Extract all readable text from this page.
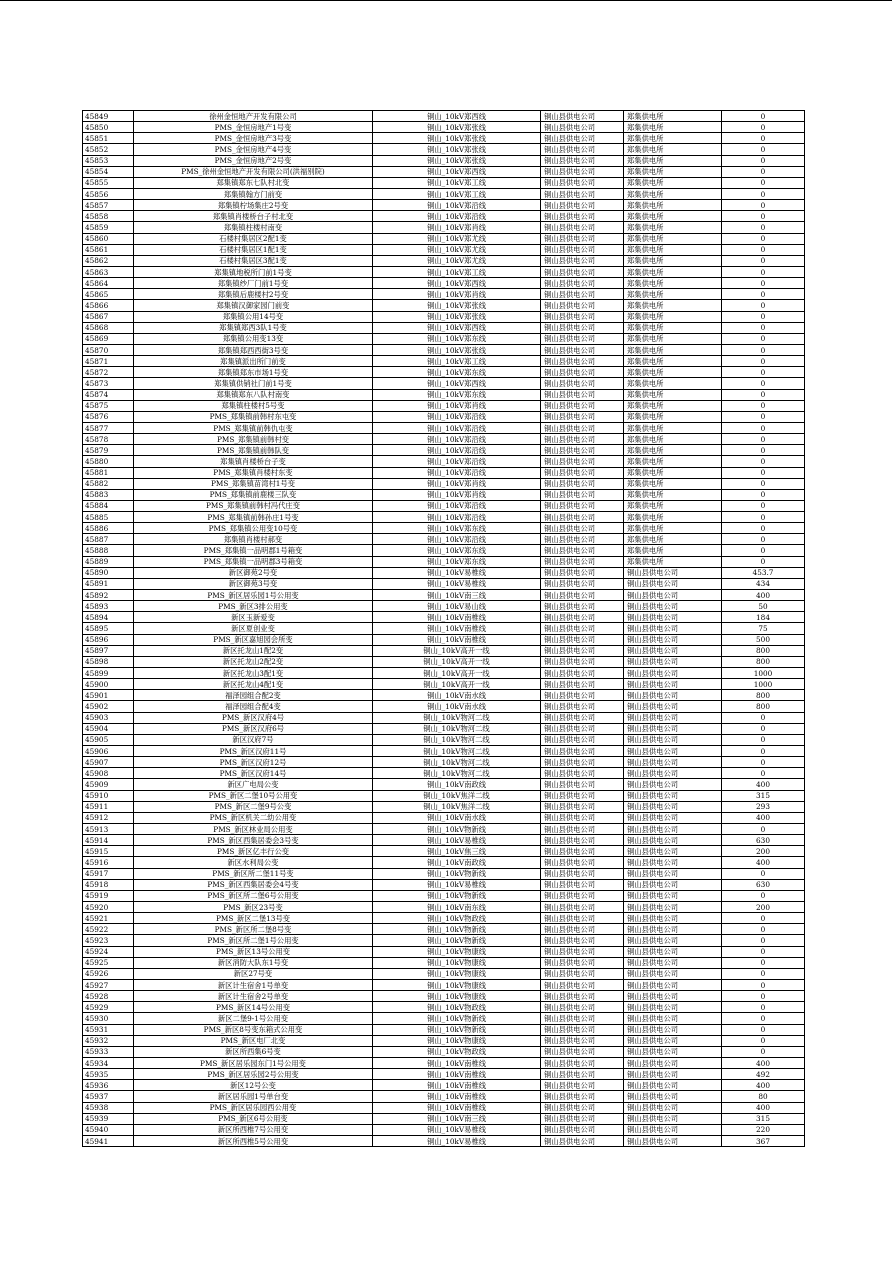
45849	徐州金恒地产开发有限公司	铜山_10kV郑西线	铜山县供电公司	郑集供电所	0
45850	PMS_金恒房地产1号变	铜山_10kV郑张线	铜山县供电公司	郑集供电所	0
45851	PMS_金恒房地产3号变	铜山_10kV郑张线	铜山县供电公司	郑集供电所	0
45852	PMS_金恒房地产4号变	铜山_10kV郑张线	铜山县供电公司	郑集供电所	0
45853	PMS_金恒房地产2号变	铜山_10kV郑张线	铜山县供电公司	郑集供电所	0
45854	PMS_徐州金恒地产开发有限公司(洪福别院)	铜山_10kV郑西线	铜山县供电公司	郑集供电所	0
45855	郑集镇郑东七队村北变	铜山_10kV郑工线	铜山县供电公司	郑集供电所	0
45856	郑集镇翰方门前变	铜山_10kV郑工线	铜山县供电公司	郑集供电所	0
45857	郑集镇柠场集庄2号变	铜山_10kV郑沿线	铜山县供电公司	郑集供电所	0
45858	郑集镇肖楼桥台子村北变	铜山_10kV郑沿线	铜山县供电公司	郑集供电所	0
45859	郑集镇柱楼村南变	铜山_10kV郑肖线	铜山县供电公司	郑集供电所	0
45860	石楼村集居区2配1变	铜山_10kV郑尤线	铜山县供电公司	郑集供电所	0
45861	石楼村集居区1配1变	铜山_10kV郑尤线	铜山县供电公司	郑集供电所	0
45862	石楼村集居区3配1变	铜山_10kV郑尤线	铜山县供电公司	郑集供电所	0
45863	郑集镇地税所门前1号变	铜山_10kV郑工线	铜山县供电公司	郑集供电所	0
45864	郑集镇纱厂门前1号变	铜山_10kV郑西线	铜山县供电公司	郑集供电所	0
45865	郑集镇后鹿楼村2号变	铜山_10kV郑肖线	铜山县供电公司	郑集供电所	0
45866	郑集镇汉御家园门前变	铜山_10kV郑张线	铜山县供电公司	郑集供电所	0
45867	郑集镇公用14号变	铜山_10kV郑张线	铜山县供电公司	郑集供电所	0
45868	郑集镇郑西3队1号变	铜山_10kV郑西线	铜山县供电公司	郑集供电所	0
45869	郑集镇公用变13变	铜山_10kV郑东线	铜山县供电公司	郑集供电所	0
45870	郑集镇郑西西街3号变	铜山_10kV郑张线	铜山县供电公司	郑集供电所	0
45871	郑集镇派出所门前变	铜山_10kV郑工线	铜山县供电公司	郑集供电所	0
45872	郑集镇郑东市场1号变	铜山_10kV郑东线	铜山县供电公司	郑集供电所	0
45873	郑集镇供销社门前1号变	铜山_10kV郑西线	铜山县供电公司	郑集供电所	0
45874	郑集镇郑东八队村南变	铜山_10kV郑东线	铜山县供电公司	郑集供电所	0
45875	郑集镇柱楼村5号变	铜山_10kV郑肖线	铜山县供电公司	郑集供电所	0
45876	PMS_郑集镇前韩村东屯变	铜山_10kV郑沿线	铜山县供电公司	郑集供电所	0
45877	PMS_郑集镇前韩仇屯变	铜山_10kV郑沿线	铜山县供电公司	郑集供电所	0
45878	PMS_郑集镇前韩村变	铜山_10kV郑沿线	铜山县供电公司	郑集供电所	0
45879	PMS_郑集镇前韩队变	铜山_10kV郑沿线	铜山县供电公司	郑集供电所	0
45880	郑集镇肖楼桥台子变	铜山_10kV郑沿线	铜山县供电公司	郑集供电所	0
45881	PMS_郑集镇肖楼村东变	铜山_10kV郑沿线	铜山县供电公司	郑集供电所	0
45882	PMS_郑集镇苗湾村1号变	铜山_10kV郑肖线	铜山县供电公司	郑集供电所	0
45883	PMS_郑集镇前鹿楼三队变	铜山_10kV郑肖线	铜山县供电公司	郑集供电所	0
45884	PMS_郑集镇前韩村冯代庄变	铜山_10kV郑沿线	铜山县供电公司	郑集供电所	0
45885	PMS_郑集镇前韩孙庄1号变	铜山_10kV郑沿线	铜山县供电公司	郑集供电所	0
45886	PMS_郑集镇公用变10号变	铜山_10kV郑东线	铜山县供电公司	郑集供电所	0
45887	郑集镇肖楼村郝变	铜山_10kV郑沿线	铜山县供电公司	郑集供电所	0
45888	PMS_郑集镇一品明郡1号箱变	铜山_10kV郑东线	铜山县供电公司	郑集供电所	0
45889	PMS_郑集镇一品明郡3号箱变	铜山_10kV郑东线	铜山县供电公司	郑集供电所	0
45890	新区御苑2号变	铜山_10kV易椎线	铜山县供电公司	铜山县供电公司	453.7
45891	新区御苑3号变	铜山_10kV易椎线	铜山县供电公司	铜山县供电公司	434
45892	PMS_新区居乐园1号公用变	铜山_10kV南三线	铜山县供电公司	铜山县供电公司	400
45893	PMS_新区3排公用变	铜山_10kV易山线	铜山县供电公司	铜山县供电公司	50
45894	新区玉新爱变	铜山_10kV南椎线	铜山县供电公司	铜山县供电公司	184
45895	新区夏创业变	铜山_10kV南椎线	铜山县供电公司	铜山县供电公司	75
45896	PMS_新区嘉旭园会所变	铜山_10kV南椎线	铜山县供电公司	铜山县供电公司	500
45897	新区托龙山1配2变	铜山_10kV高开一线	铜山县供电公司	铜山县供电公司	800
45898	新区托龙山2配2变	铜山_10kV高开一线	铜山县供电公司	铜山县供电公司	800
45899	新区托龙山3配1变	铜山_10kV高开一线	铜山县供电公司	铜山县供电公司	1000
45900	新区托龙山4配1变	铜山_10kV高开一线	铜山县供电公司	铜山县供电公司	1000
45901	福泽园组合配2变	铜山_10kV南水线	铜山县供电公司	铜山县供电公司	800
45902	福泽园组合配4变	铜山_10kV南水线	铜山县供电公司	铜山县供电公司	800
45903	PMS_新区汉府4号	铜山_10kV物河二线	铜山县供电公司	铜山县供电公司	0
45904	PMS_新区汉府6号	铜山_10kV物河二线	铜山县供电公司	铜山县供电公司	0
45905	新区汉府7号	铜山_10kV物河二线	铜山县供电公司	铜山县供电公司	0
45906	PMS_新区汉府11号	铜山_10kV物河二线	铜山县供电公司	铜山县供电公司	0
45907	PMS_新区汉府12号	铜山_10kV物河二线	铜山县供电公司	铜山县供电公司	0
45908	PMS_新区汉府14号	铜山_10kV物河二线	铜山县供电公司	铜山县供电公司	0
45909	新区广电局公变	铜山_10kV南政线	铜山县供电公司	铜山县供电公司	400
45910	PMS_新区二堡10号公用变	铜山_10kV焦洋二线	铜山县供电公司	铜山县供电公司	315
45911	PMS_新区二堡9号公变	铜山_10kV焦洋二线	铜山县供电公司	铜山县供电公司	293
45912	PMS_新区机关二幼公用变	铜山_10kV南水线	铜山县供电公司	铜山县供电公司	400
45913	PMS_新区林业局公用变	铜山_10kV物新线	铜山县供电公司	铜山县供电公司	0
45914	PMS_新区西集居委会3号变	铜山_10kV易椎线	铜山县供电公司	铜山县供电公司	630
45915	PMS_新区亿丰行公变	铜山_10kV焦三线	铜山县供电公司	铜山县供电公司	200
45916	新区水利局公变	铜山_10kV南政线	铜山县供电公司	铜山县供电公司	400
45917	PMS_新区所二堡11号变	铜山_10kV物新线	铜山县供电公司	铜山县供电公司	0
45918	PMS_新区西集居委会4号变	铜山_10kV易椎线	铜山县供电公司	铜山县供电公司	630
45919	PMS_新区所二堡6号公用变	铜山_10kV物新线	铜山县供电公司	铜山县供电公司	0
45920	PMS_新区23号变	铜山_10kV南东线	铜山县供电公司	铜山县供电公司	200
45921	PMS_新区二堡13号变	铜山_10kV物政线	铜山县供电公司	铜山县供电公司	0
45922	PMS_新区所二堡8号变	铜山_10kV物新线	铜山县供电公司	铜山县供电公司	0
45923	PMS_新区所二堡1号公用变	铜山_10kV物新线	铜山县供电公司	铜山县供电公司	0
45924	PMS_新区13号公用变	铜山_10kV物康线	铜山县供电公司	铜山县供电公司	0
45925	新区消防大队东1号变	铜山_10kV物康线	铜山县供电公司	铜山县供电公司	0
45926	新区27号变	铜山_10kV物康线	铜山县供电公司	铜山县供电公司	0
45927	新区计生宿舍1号单变	铜山_10kV物康线	铜山县供电公司	铜山县供电公司	0
45928	新区计生宿舍2号单变	铜山_10kV物康线	铜山县供电公司	铜山县供电公司	0
45929	PMS_新区14号公用变	铜山_10kV物政线	铜山县供电公司	铜山县供电公司	0
45930	新区二堡9-1号公用变	铜山_10kV物新线	铜山县供电公司	铜山县供电公司	0
45931	PMS_新区8号变东箱式公用变	铜山_10kV物新线	铜山县供电公司	铜山县供电公司	0
45932	PMS_新区电厂北变	铜山_10kV物康线	铜山县供电公司	铜山县供电公司	0
45933	新区所西集6号变	铜山_10kV物政线	铜山县供电公司	铜山县供电公司	0
45934	PMS_新区居乐园东门1号公用变	铜山_10kV南椎线	铜山县供电公司	铜山县供电公司	400
45935	PMS_新区居乐园2号公用变	铜山_10kV南椎线	铜山县供电公司	铜山县供电公司	492
45936	新区12号公变	铜山_10kV南椎线	铜山县供电公司	铜山县供电公司	400
45937	新区居乐园1号单台变	铜山_10kV南椎线	铜山县供电公司	铜山县供电公司	80
45938	PMS_新区居乐园西公用变	铜山_10kV南椎线	铜山县供电公司	铜山县供电公司	400
45939	PMS_新区6号公用变	铜山_10kV南三线	铜山县供电公司	铜山县供电公司	315
45940	新区所西椎7号公用变	铜山_10kV易椎线	铜山县供电公司	铜山县供电公司	220
45941	新区所西椎5号公用变	铜山_10kV易椎线	铜山县供电公司	铜山县供电公司	367
